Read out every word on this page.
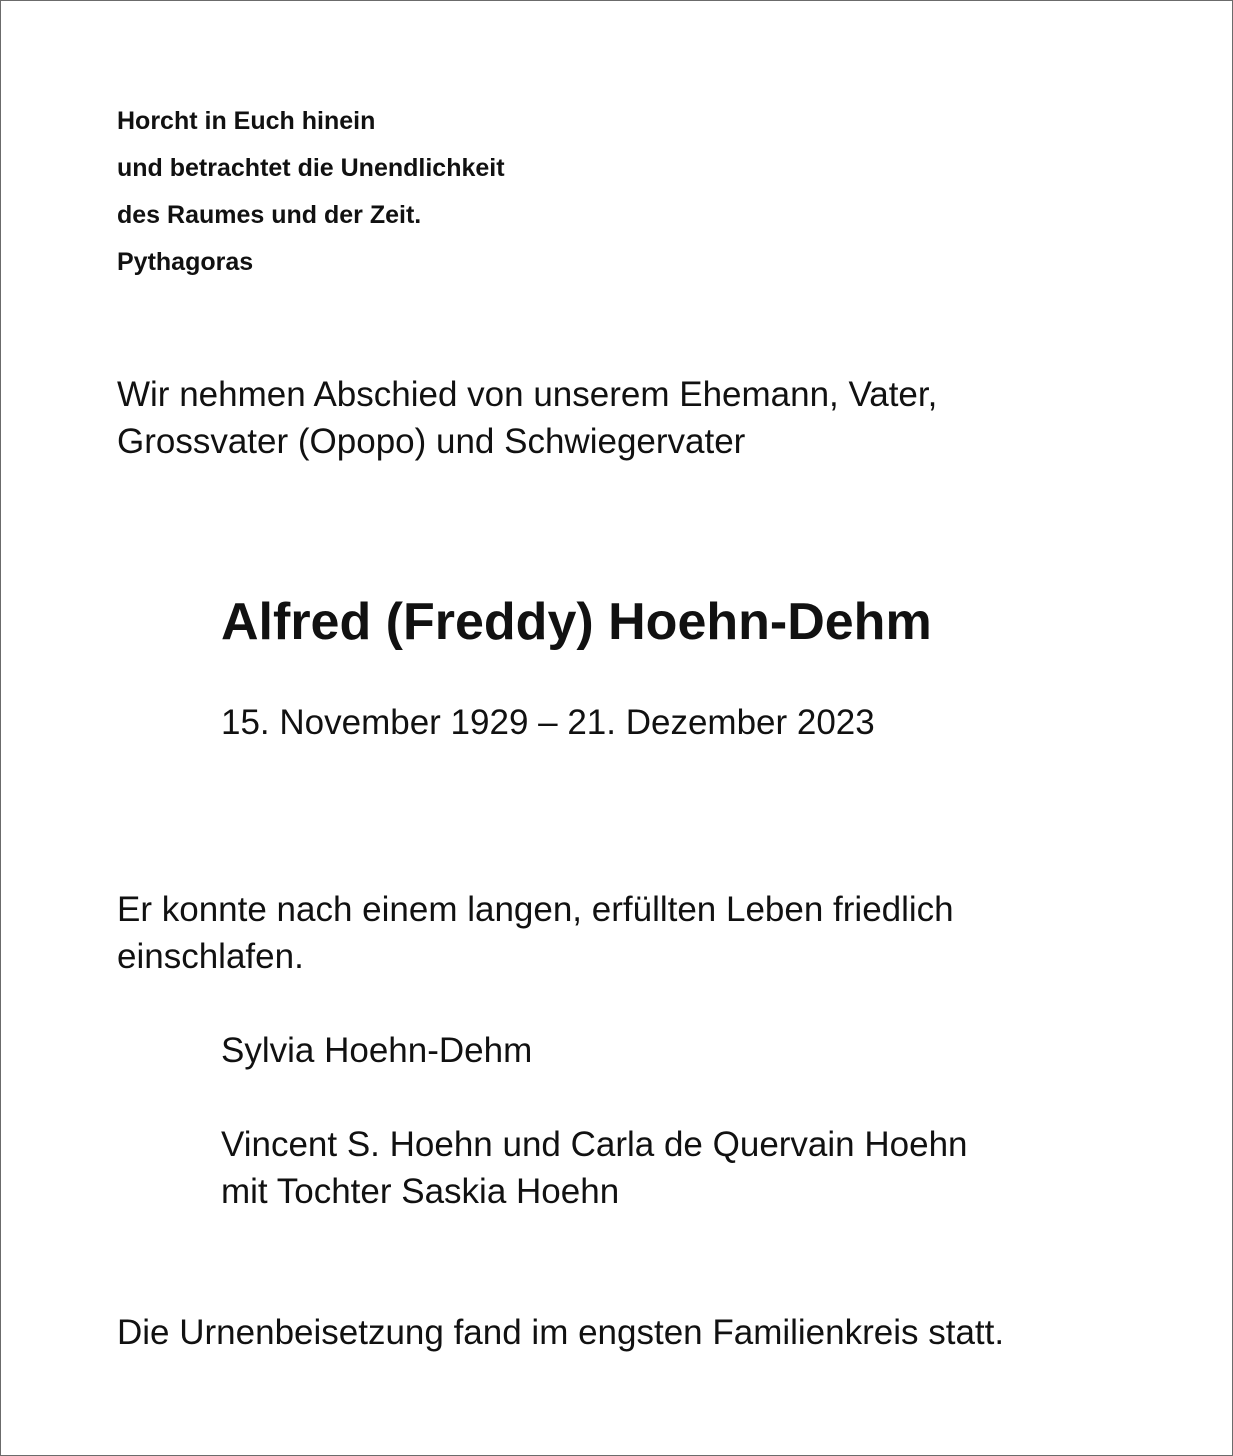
Horcht in Euch hinein
und betrachtet die Unendlichkeit
des Raumes und der Zeit.
Pythagoras
Wir nehmen Abschied von unserem Ehemann, Vater,
Grossvater (Opopo) und Schwiegervater
Alfred (Freddy) Hoehn-Dehm
15. November 1929 – 21. Dezember 2023
Er konnte nach einem langen, erfüllten Leben friedlich
einschlafen.
Sylvia Hoehn-Dehm
Vincent S. Hoehn und Carla de Quervain Hoehn
mit Tochter Saskia Hoehn
Die Urnenbeisetzung fand im engsten Familienkreis statt.
